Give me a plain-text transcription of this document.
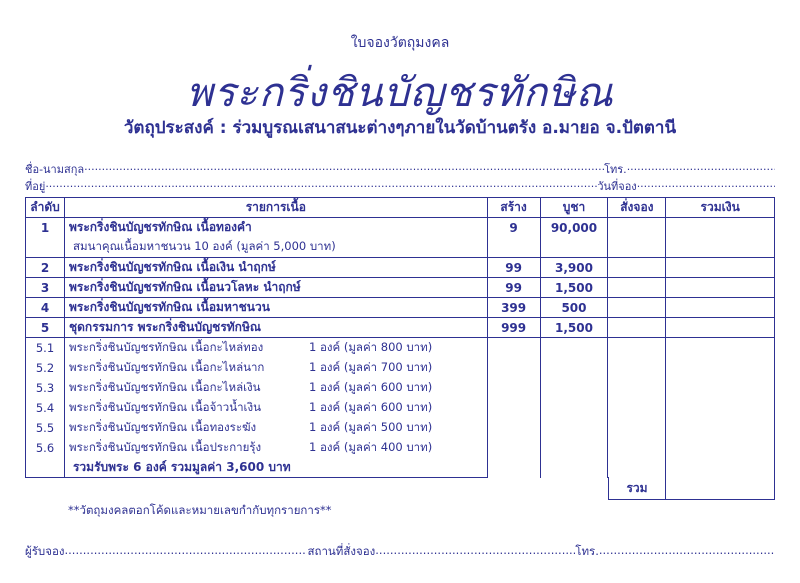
ใบจองวัตถุมงคล
พระกริ่งชินบัญชรทักษิณ
วัตถุประสงค์ : ร่วมบูรณเสนาสนะต่างๆภายในวัดบ้านตรัง อ.มายอ จ.ปัตตานี
ชื่อ-นามสกุล .....	โทร.
.....
ที่อยู่ .....	วันที่จอง
.....
ลำดับ	รายการเนื้อ	สร้าง	บูชา	สั่งจอง	รวมเงิน
1	พระกริ่งชินบัญชรทักษิณ เนื้อทองคำ	9	90,000		
	สมนาคุณเนื้อมหาชนวน 10 องค์ (มูลค่า 5,000 บาท)				
2	พระกริ่งชินบัญชรทักษิณ เนื้อเงิน นำฤกษ์	99	3,900		
3	พระกริ่งชินบัญชรทักษิณ เนื้อนวโลหะ นำฤกษ์	99	1,500		
4	พระกริ่งชินบัญชรทักษิณ เนื้อมหาชนวน	399	500		
5	ชุดกรรมการ พระกริ่งชินบัญชรทักษิณ	999	1,500		
5.1	พระกริ่งชินบัญชรทักษิณ เนื้อกะไหล่ทอง 1 องค์ (มูลค่า 800 บาท)				
5.2	พระกริ่งชินบัญชรทักษิณ เนื้อกะไหล่นาก 1 องค์ (มูลค่า 700 บาท)				
5.3	พระกริ่งชินบัญชรทักษิณ เนื้อกะไหล่เงิน 1 องค์ (มูลค่า 600 บาท)				
5.4	พระกริ่งชินบัญชรทักษิณ เนื้อจ้าวน้ำเงิน 1 องค์ (มูลค่า 600 บาท)				
5.5	พระกริ่งชินบัญชรทักษิณ เนื้อทองระฆัง 1 องค์ (มูลค่า 500 บาท)				
5.6	พระกริ่งชินบัญชรทักษิณ เนื้อประกายรุ้ง 1 องค์ (มูลค่า 400 บาท)				
	รวมรับพระ 6 องค์ รวมมูลค่า 3,600 บาท				
รวม
**วัตถุมงคลตอกโค้ดและหมายเลขกำกับทุกรายการ**
ผู้รับจอง .....	สถานที่สั่งจอง .....	โทร.
.....
